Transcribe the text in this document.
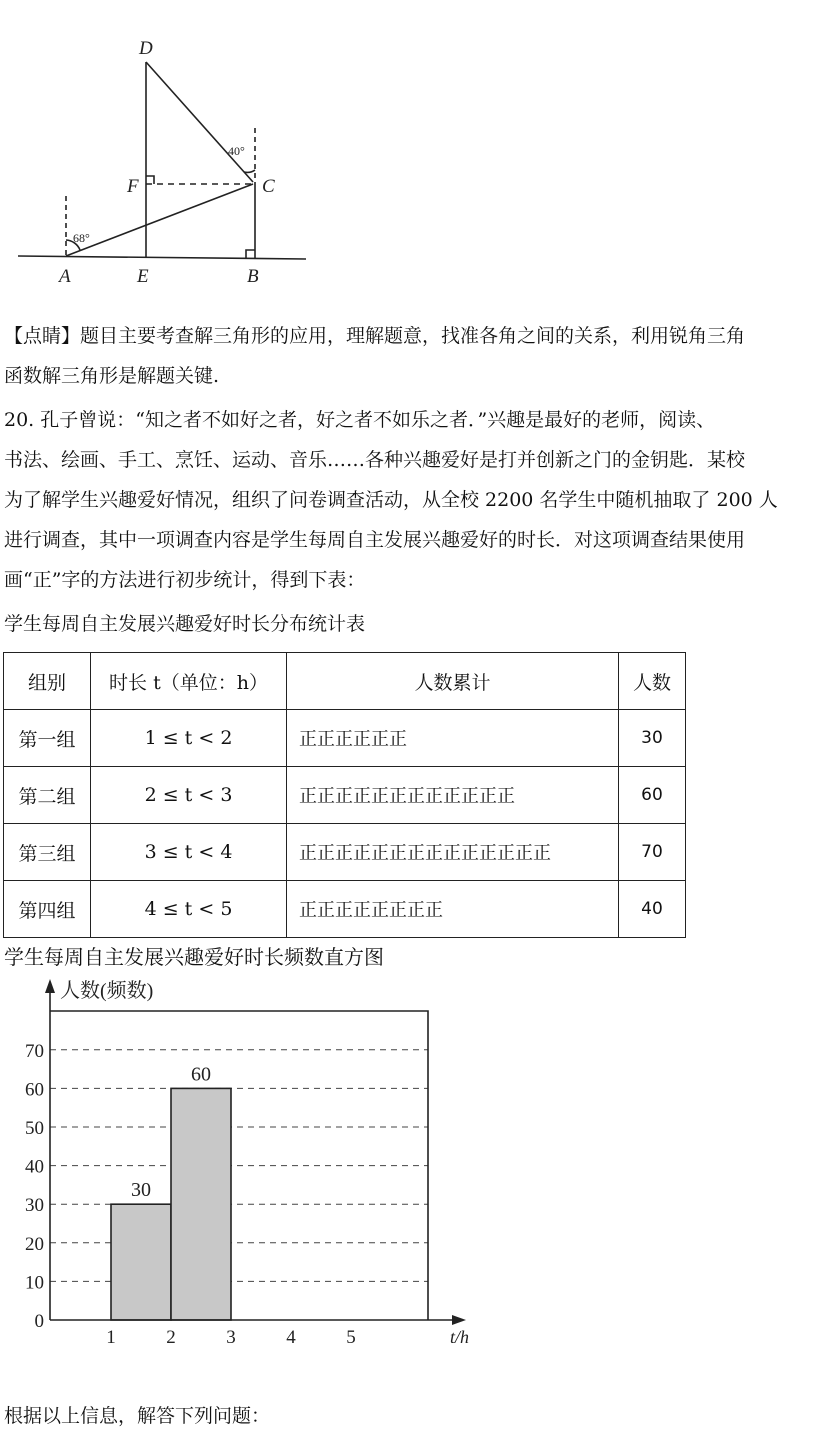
D
F	C
A	E	B
40°
68°
【点睛】题目主要考查解三角形的应用，理解题意，找准各角之间的关系，利用锐角三角
函数解三角形是解题关键.
20. 孔子曾说：“知之者不如好之者，好之者不如乐之者．”兴趣是最好的老师，阅读、
书法、绘画、手工、烹饪、运动、音乐……各种兴趣爱好是打并创新之门的金钥匙．某校
为了解学生兴趣爱好情况，组织了问卷调查活动，从全校 2200 名学生中随机抽取了 200 人
进行调查，其中一项调查内容是学生每周自主发展兴趣爱好的时长．对这项调查结果使用
画“正”字的方法进行初步统计，得到下表：
学生每周自主发展兴趣爱好时长分布统计表
组别	时长 t（单位：h）	人数累计	人数
第一组	1 ≤ t < 2	正正正正正正	30
第二组	2 ≤ t < 3	正正正正正正正正正正正正	60
第三组	3 ≤ t < 4	正正正正正正正正正正正正正正	70
第四组	4 ≤ t < 5	正正正正正正正正	40
学生每周自主发展兴趣爱好时长频数直方图
0
10
20
30
40
50
60
70
1	2	3	4	5
30
60
人数(频数)
t/h
根据以上信息，解答下列问题：
